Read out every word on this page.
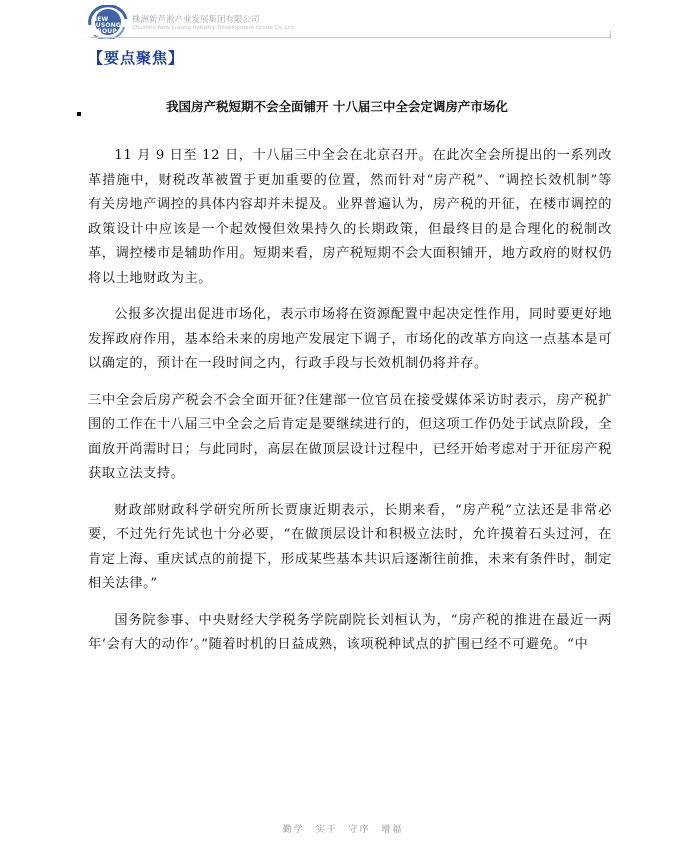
NEW
LUSONG
GROUP
株洲新芦淞产业发展集团有限公司
Zhuzhou New Lusong Industry Development Group Co.,Ltd
【要点聚焦】
我国房产税短期不会全面铺开 十八届三中全会定调房产市场化

11 月 9 日至 12 日，十八届三中全会在北京召开。在此次全会所提出的一系列改革措施中，财税改革被置于更加重要的位置，然而针对“房产税”、“调控长效机制”等有关房地产调控的具体内容却并未提及。业界普遍认为，房产税的开征，在楼市调控的政策设计中应该是一个起效慢但效果持久的长期政策，但最终目的是合理化的税制改革，调控楼市是辅助作用。短期来看，房产税短期不会大面积铺开，地方政府的财权仍将以土地财政为主。

公报多次提出促进市场化，表示市场将在资源配置中起决定性作用，同时要更好地发挥政府作用，基本给未来的房地产发展定下调子，市场化的改革方向这一点基本是可以确定的，预计在一段时间之内，行政手段与长效机制仍将并存。

三中全会后房产税会不会全面开征?住建部一位官员在接受媒体采访时表示，房产税扩围的工作在十八届三中全会之后肯定是要继续进行的，但这项工作仍处于试点阶段，全面放开尚需时日；与此同时，高层在做顶层设计过程中，已经开始考虑对于开征房产税获取立法支持。

财政部财政科学研究所所长贾康近期表示，长期来看，“房产税”立法还是非常必要，不过先行先试也十分必要，“在做顶层设计和积极立法时，允许摸着石头过河，在肯定上海、重庆试点的前提下，形成某些基本共识后逐渐往前推，未来有条件时，制定相关法律。”

国务院参事、中央财经大学税务学院副院长刘桓认为，“房产税的推进在最近一两年‘会有大的动作’。”随着时机的日益成熟，该项税种试点的扩围已经不可避免。“中

勤学 实干 守序 增福
